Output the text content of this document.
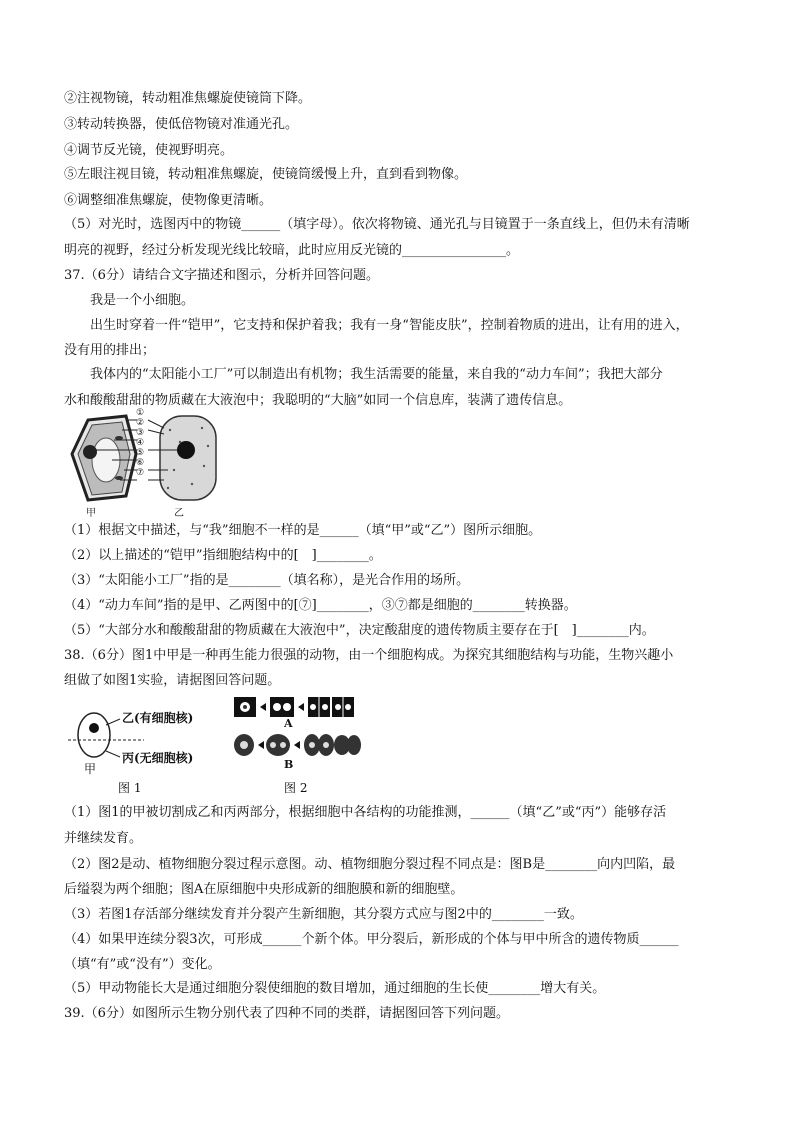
②注视物镜，转动粗准焦螺旋使镜筒下降。
③转动转换器，使低倍物镜对准通光孔。
④调节反光镜，使视野明亮。
⑤左眼注视目镜，转动粗准焦螺旋，使镜筒缓慢上升，直到看到物像。
⑥调整细准焦螺旋，使物像更清晰。
（5）对光时，选图丙中的物镜______（填字母）。依次将物镜、通光孔与目镜置于一条直线上，但仍未有清晰
明亮的视野，经过分析发现光线比较暗，此时应用反光镜的________________。
37.（6分）请结合文字描述和图示，分析并回答问题。
我是一个小细胞。
出生时穿着一件“铠甲”，它支持和保护着我；我有一身“智能皮肤”，控制着物质的进出，让有用的进入，
没有用的排出；
我体内的“太阳能小工厂”可以制造出有机物；我生活需要的能量，来自我的“动力车间”；我把大部分
水和酸酸甜甜的物质藏在大液泡中；我聪明的“大脑”如同一个信息库，装满了遗传信息。
①
②
③
④
⑤
⑥
⑦
甲	乙
（1）根据文中描述，与“我”细胞不一样的是______（填“甲”或“乙”）图所示细胞。
（2）以上描述的“铠甲”指细胞结构中的[　]________。
（3）“太阳能小工厂”指的是________（填名称），是光合作用的场所。
（4）“动力车间”指的是甲、乙两图中的[⑦]________，③⑦都是细胞的________转换器。
（5）“大部分水和酸酸甜甜的物质藏在大液泡中”，决定酸甜度的遗传物质主要存在于[　]________内。
38.（6分）图1中甲是一种再生能力很强的动物，由一个细胞构成。为探究其细胞结构与功能，生物兴趣小
组做了如图1实验，请据图回答问题。
乙(有细胞核)
丙(无细胞核)
甲
图 1
A
B
图 2
（1）图1的甲被切割成乙和丙两部分，根据细胞中各结构的功能推测，______（填“乙”或“丙”）能够存活
并继续发育。
（2）图2是动、植物细胞分裂过程示意图。动、植物细胞分裂过程不同点是：图B是________向内凹陷，最
后缢裂为两个细胞；图A在原细胞中央形成新的细胞膜和新的细胞壁。
（3）若图1存活部分继续发育并分裂产生新细胞，其分裂方式应与图2中的________一致。
（4）如果甲连续分裂3次，可形成______个新个体。甲分裂后，新形成的个体与甲中所含的遗传物质______
（填“有”或“没有”）变化。
（5）甲动物能长大是通过细胞分裂使细胞的数目增加，通过细胞的生长使________增大有关。
39.（6分）如图所示生物分别代表了四种不同的类群，请据图回答下列问题。
